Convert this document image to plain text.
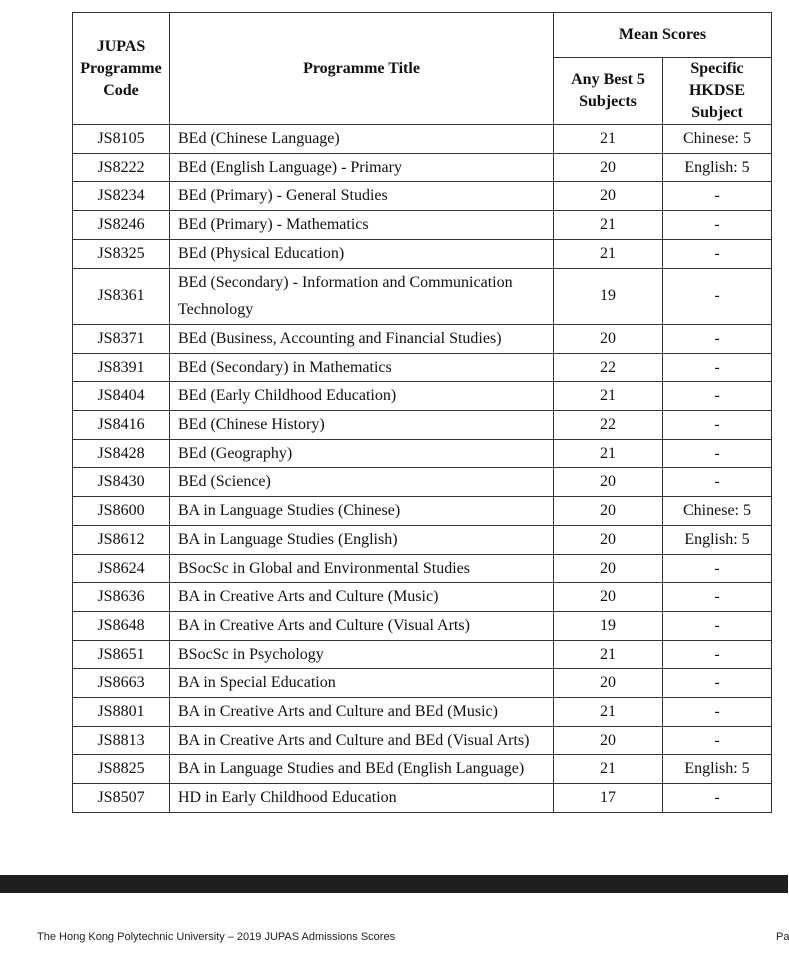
JUPAS Programme Code	Programme Title	Mean Scores	
		Any Best 5 Subjects	Specific HKDSE Subject
JS8105	BEd (Chinese Language)	21	Chinese: 5
JS8222	BEd (English Language) - Primary	20	English: 5
JS8234	BEd (Primary) - General Studies	20	-
JS8246	BEd (Primary) - Mathematics	21	-
JS8325	BEd (Physical Education)	21	-
JS8361	BEd (Secondary) - Information and Communication Technology	19	-
JS8371	BEd (Business, Accounting and Financial Studies)	20	-
JS8391	BEd (Secondary) in Mathematics	22	-
JS8404	BEd (Early Childhood Education)	21	-
JS8416	BEd (Chinese History)	22	-
JS8428	BEd (Geography)	21	-
JS8430	BEd (Science)	20	-
JS8600	BA in Language Studies (Chinese)	20	Chinese: 5
JS8612	BA in Language Studies (English)	20	English: 5
JS8624	BSocSc in Global and Environmental Studies	20	-
JS8636	BA in Creative Arts and Culture (Music)	20	-
JS8648	BA in Creative Arts and Culture (Visual Arts)	19	-
JS8651	BSocSc in Psychology	21	-
JS8663	BA in Special Education	20	-
JS8801	BA in Creative Arts and Culture and BEd (Music)	21	-
JS8813	BA in Creative Arts and Culture and BEd (Visual Arts)	20	-
JS8825	BA in Language Studies and BEd (English Language)	21	English: 5
JS8507	HD in Early Childhood Education	17	-
The Hong Kong Polytechnic University – 2019 JUPAS Admissions Scores	Pa
